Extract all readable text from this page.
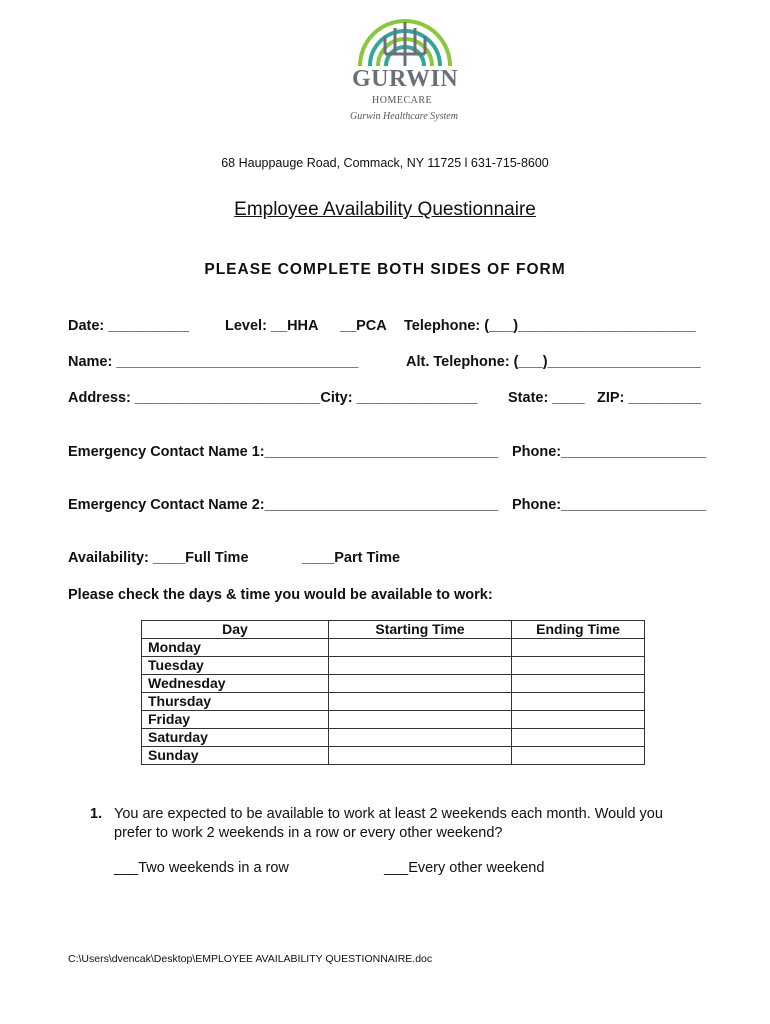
GURWIN
HOMECARE
Gurwin Healthcare System
68 Hauppauge Road, Commack, NY 11725 l 631-715-8600
Employee Availability Questionnaire
PLEASE COMPLETE BOTH SIDES OF FORM
Date: __________ Level: __HHA __PCA Telephone: (___)______________________
Name: ______________________________	Alt. Telephone: (___)___________________
Address: _______________________City: _______________ State: ____ ZIP: _________
Emergency Contact Name 1:_____________________________ Phone:__________________
Emergency Contact Name 2:_____________________________ Phone:__________________
Availability: ____Full Time	____Part Time
Please check the days & time you would be available to work:
Day	Starting Time	Ending Time
Monday		
Tuesday		
Wednesday		
Thursday		
Friday		
Saturday		
Sunday		
1. You are expected to be available to work at least 2 weekends each month. Would you
prefer to work 2 weekends in a row or every other weekend?
___Two weekends in a row	___Every other weekend
C:\Users\dvencak\Desktop\EMPLOYEE AVAILABILITY QUESTIONNAIRE.doc
